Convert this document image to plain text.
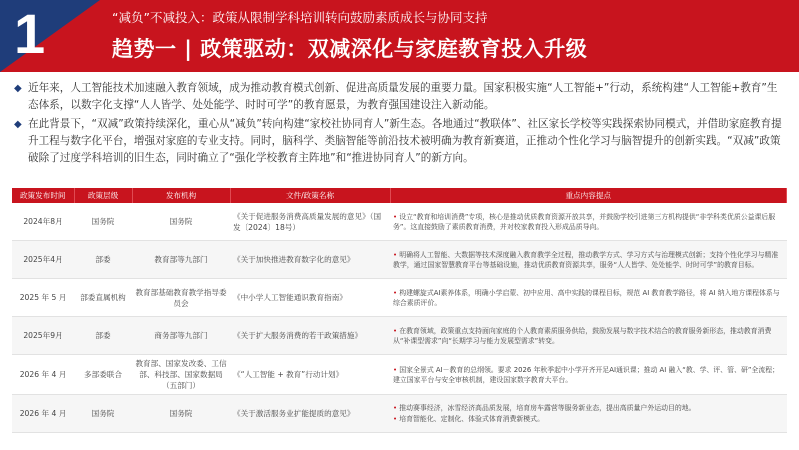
1	“减负”不减投入：政策从限制学科培训转向鼓励素质成长与协同支持
趋势一 | 政策驱动：双减深化与家庭教育投入升级
◆ 近年来，人工智能技术加速融入教育领域，成为推动教育模式创新、促进高质量发展的重要力量。国家积极实施“人工智能+”行动，系统构建“人工智能+教育”生态体系，以数字化支撑“人人皆学、处处能学、时时可学”的教育愿景，为教育强国建设注入新动能。
◆ 在此背景下，“双减”政策持续深化，重心从“减负”转向构建“家校社协同育人”新生态。各地通过“教联体”、社区家长学校等实践探索协同模式，并借助家庭教育提升工程与数字化平台，增强对家庭的专业支持。同时，脑科学、类脑智能等前沿技术被明确为教育新赛道，正推动个性化学习与脑智提升的创新实践。“双减”政策破除了过度学科培训的旧生态，同时确立了“强化学校教育主阵地”和“推进协同育人”的新方向。
政策发布时间	政策层级	发布机构	文件/政策名称	重点内容提点
2024年8月	国务院	国务院	《关于促进服务消费高质量发展的意见》（国发〔2024〕18号）	• 设立“教育和培训消费”专项，核心是推动优质教育资源开放共享，并鼓励学校引进第三方机构提供“非学科类优质公益课后服务”。这直接鼓励了素质教育消费，并对校家教育投入形成品质导向。

2025年4月	部委	教育部等九部门	《关于加快推进教育数字化的意见》	• 明确将人工智能、大数据等技术深度融入教育教学全过程，推动教学方式、学习方式与治理模式创新；支持个性化学习与精准教学，通过国家智慧教育平台等基础设施，推动优质教育资源共享，服务“人人皆学、处处能学、时时可学”的教育目标。

2025 年 5 月	部委直属机构	教育部基础教育教学指导委员会	《中小学人工智能通识教育指南》	• 构建螺旋式AI素养体系，明确小学启蒙、初中应用、高中实践的课程目标，规范 AI 教育教学路径，将 AI 纳入地方课程体系与综合素质评价。

2025年9月	部委	商务部等九部门	《关于扩大服务消费的若干政策措施》	• 在教育领域，政策重点支持面向家庭的个人教育素质服务供给，鼓励发展与数字技术结合的教育服务新形态，推动教育消费从“补课型需求”向“长期学习与能力发展型需求”转变。

2026 年 4 月	多部委联合	教育部、国家发改委、工信部、科技部、国家数据局（五部门）	《“人工智能 + 教育”行动计划》	• 国家全景式 AI－教育的总纲领。要求 2026 年秋季起中小学开齐开足AI通识课；推动 AI 融入“教、学、评、管、研”全流程；建立国家平台与安全审核机制，建设国家数字教育大平台。

2026 年 4 月	国务院	国务院	《关于激活服务业扩能提质的意见》	• 推动赛事经济，冰雪经济高品质发展，培育房车露营等服务新业态，提出高质量户外运动目的地。
• 培育智能化、定制化、体验式体育消费新模式。
